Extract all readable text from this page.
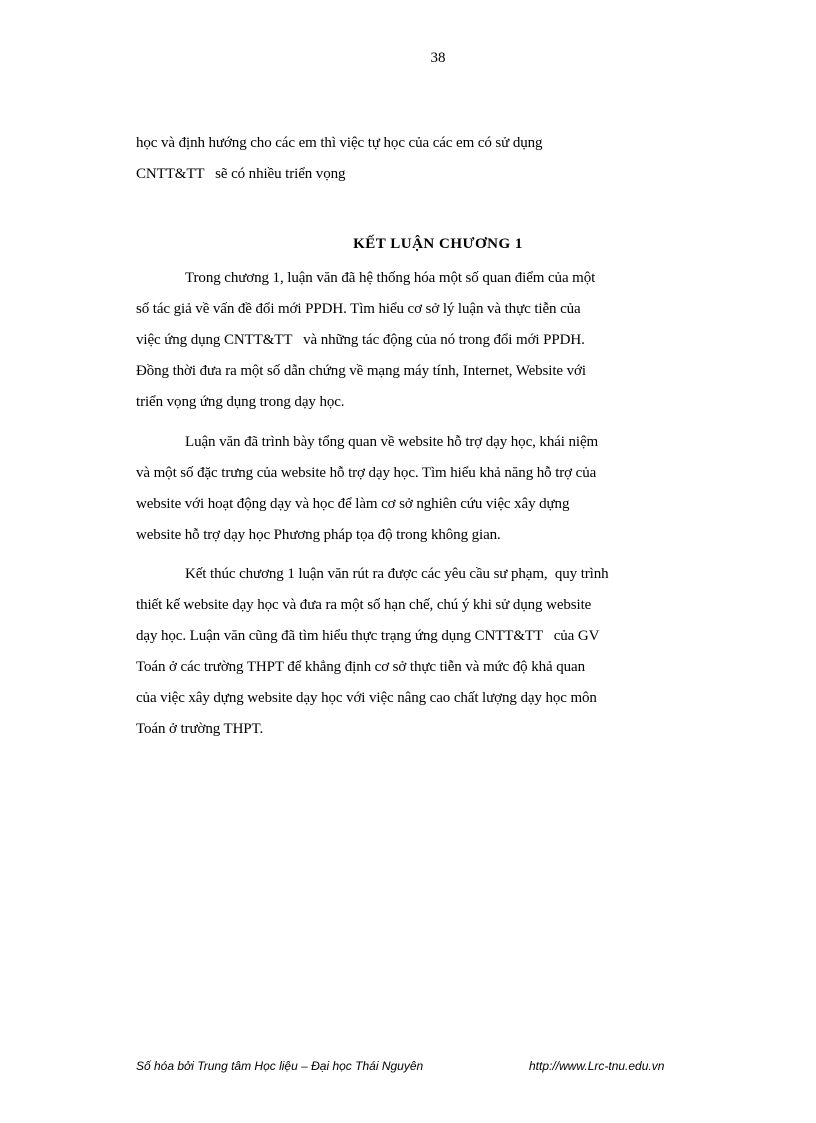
38
học và định hướng cho các em thì việc tự học của các em có sử dụng
CNTT&TT   sẽ có nhiều triển vọng
KẾT LUẬN CHƯƠNG 1
Trong chương 1, luận văn đã hệ thống hóa một số quan điểm của một
số tác giả về vấn đề đổi mới PPDH. Tìm hiểu cơ sở lý luận và thực tiễn của
việc ứng dụng CNTT&TT   và những tác động của nó trong đổi mới PPDH.
Đồng thời đưa ra một số dẫn chứng về mạng máy tính, Internet, Website với
triển vọng ứng dụng trong dạy học.
Luận văn đã trình bày tổng quan về website hỗ trợ dạy học, khái niệm
và một số đặc trưng của website hỗ trợ dạy học. Tìm hiểu khả năng hỗ trợ của
website với hoạt động dạy và học để làm cơ sở nghiên cứu việc xây dựng
website hỗ trợ dạy học Phương pháp tọa độ trong không gian.
Kết thúc chương 1 luận văn rút ra được các yêu cầu sư phạm,  quy trình
thiết kế website dạy học và đưa ra một số hạn chế, chú ý khi sử dụng website
dạy học. Luận văn cũng đã tìm hiểu thực trạng ứng dụng CNTT&TT   của GV
Toán ở các trường THPT để khẳng định cơ sở thực tiễn và mức độ khả quan
của việc xây dựng website dạy học với việc nâng cao chất lượng dạy học môn
Toán ở trường THPT.
Số hóa bởi Trung tâm Học liệu – Đại học Thái Nguyên	http://www.Lrc-tnu.edu.vn
